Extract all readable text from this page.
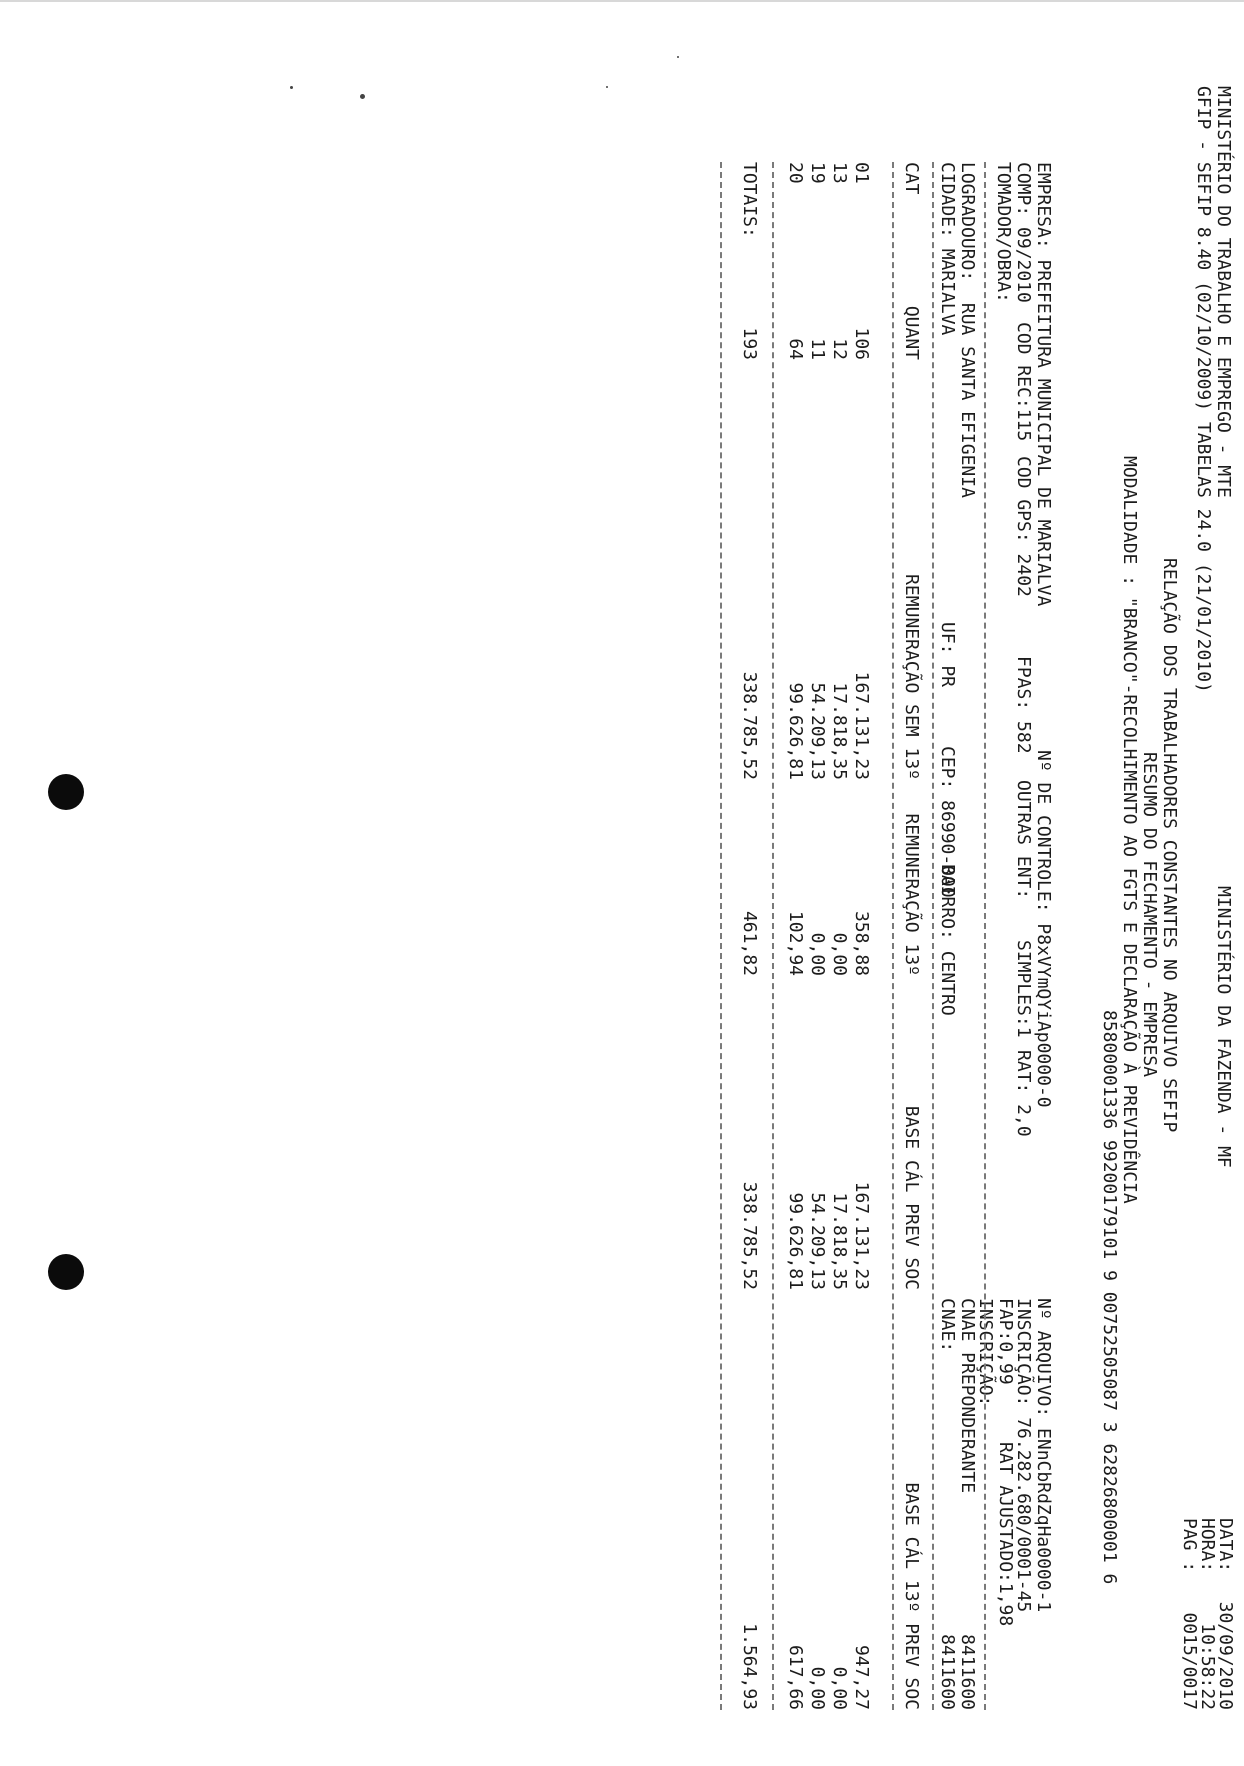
MINISTÉRIO DO TRABALHO E EMPREGO - MTE
GFIP - SEFIP 8.40 (02/10/2009) TABELAS 24.0 (21/01/2010)
MINISTÉRIO DA FAZENDA - MF
DATA:
30/09/2010
HORA:
10:58:22
PAG :
0015/0017
RELAÇÃO DOS TRABALHADORES CONSTANTES NO ARQUIVO SEFIP
RESUMO DO FECHAMENTO - EMPRESA
MODALIDADE : "BRANCO"-RECOLHIMENTO AO FGTS E DECLARAÇÃO À PREVIDÊNCIA
85800001336 99200179101 9 00752505087 3 62826800001 6
EMPRESA: PREFEITURA MUNICIPAL DE MARIALVA
Nº DE CONTROLE: P8xVYmQYiAp0000-0
Nº ARQUIVO: ENnCbRdZqHa0000-1
COMP: 09/2010
COD REC:115
COD GPS: 2402
FPAS: 582
OUTRAS ENT:
SIMPLES:1
RAT: 2,0
INSCRIÇÃO: 76.282.680/0001-45
FAP:0,99
RAT AJUSTADO:1,98
TOMADOR/OBRA:
INSCRIÇÃO:
LOGRADOURO:  RUA SANTA EFIGENIA
CNAE PREPONDERANTE
8411600
CIDADE: MARIALVA
UF: PR
CEP: 86990-000
BAIRRO: CENTRO
CNAE:
8411600
CAT
QUANT
REMUNERAÇÃO SEM 13º
REMUNERAÇÃO 13º
BASE CÁL PREV SOC
BASE CÁL 13º PREV SOC
01
106
167.131,23
358,88
167.131,23
947,27
13
12
17.818,35
0,00
17.818,35
0,00
19
11
54.209,13
0,00
54.209,13
0,00
20
64
99.626,81
102,94
99.626,81
617,66
TOTAIS:
193
338.785,52
461,82
338.785,52
1.564,93
